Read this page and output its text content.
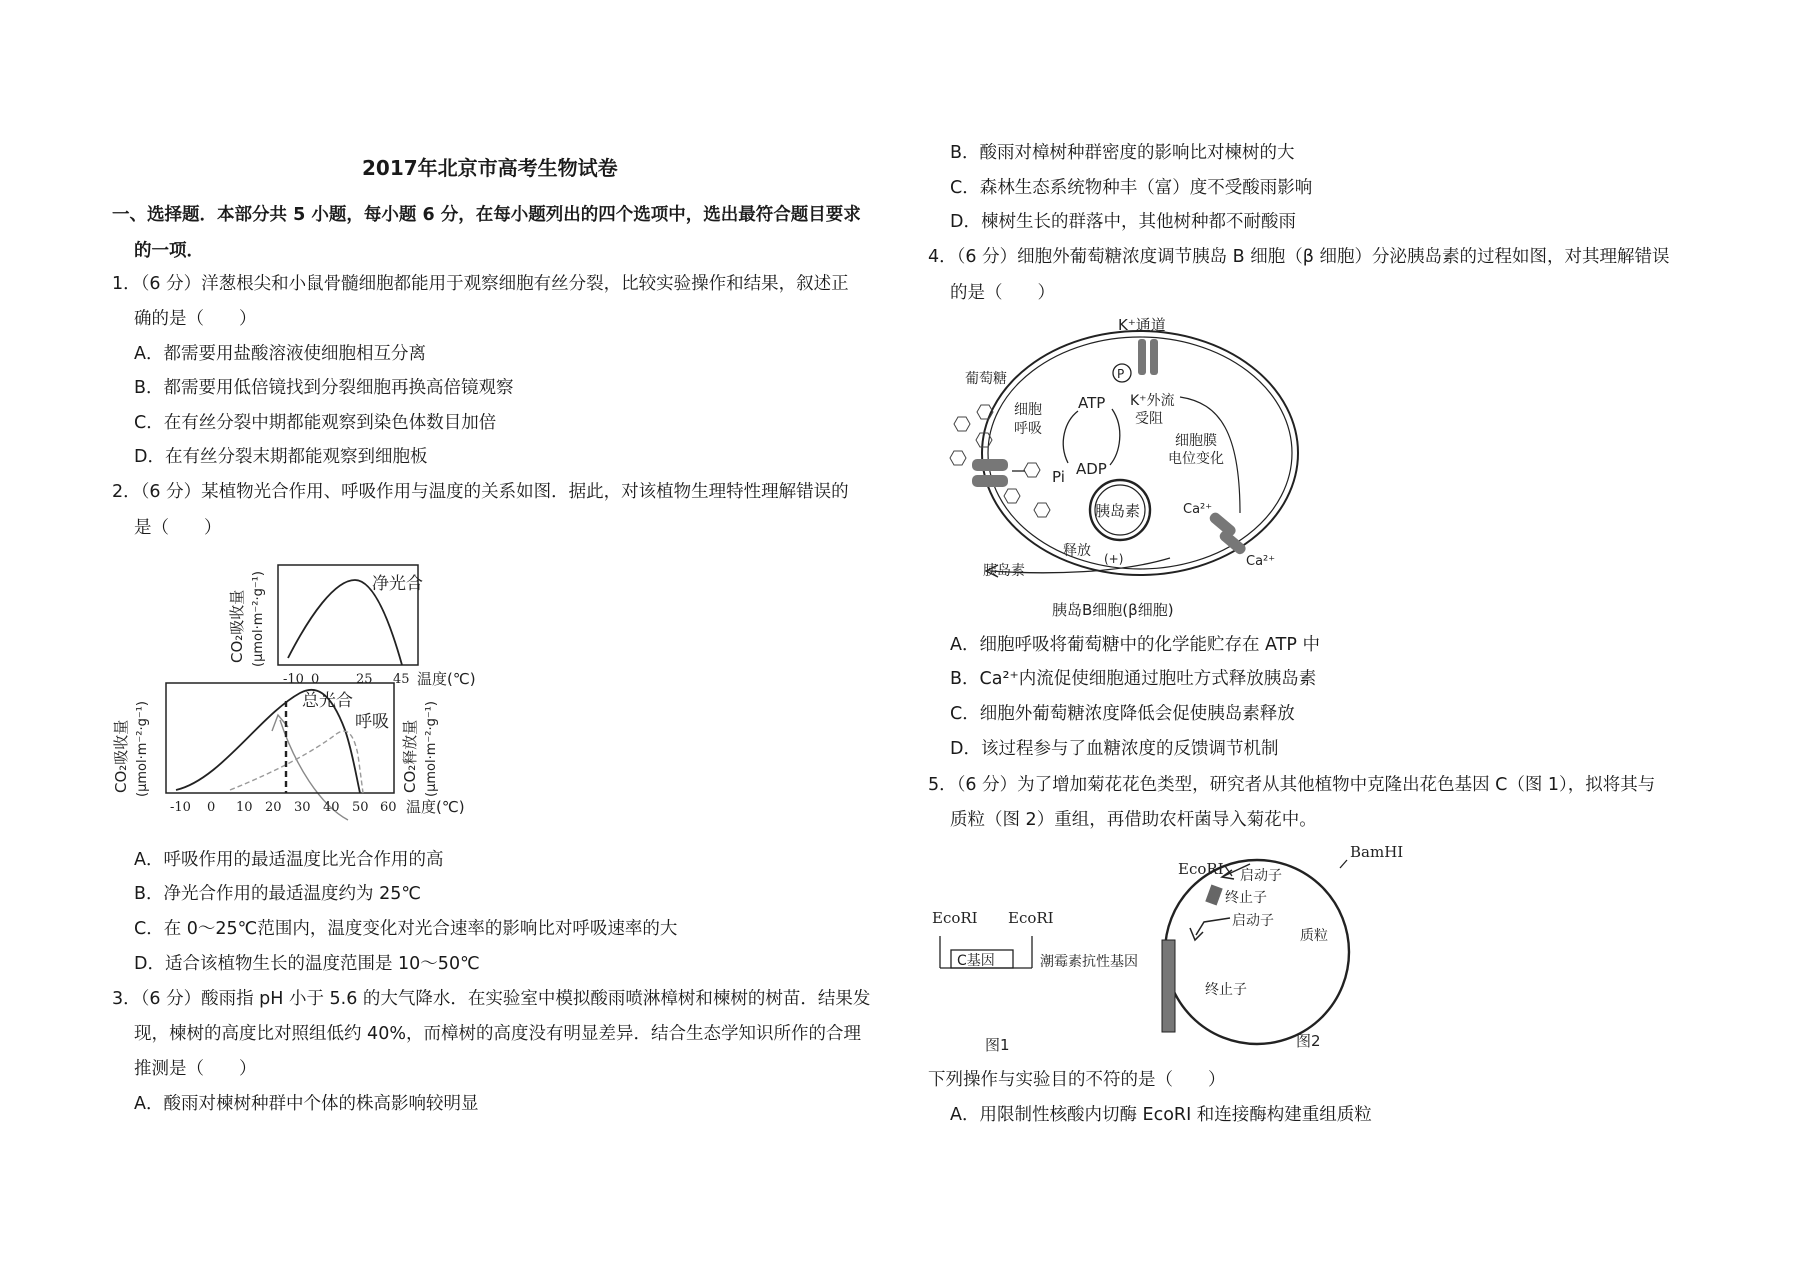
2017年北京市高考生物试卷
一、选择题．本部分共 5 小题，每小题 6 分，在每小题列出的四个选项中，选出最符合题目要求
的一项．
1．（6 分）洋葱根尖和小鼠骨髓细胞都能用于观察细胞有丝分裂，比较实验操作和结果，叙述正
确的是（　　）
A．都需要用盐酸溶液使细胞相互分离
B．都需要用低倍镜找到分裂细胞再换高倍镜观察
C．在有丝分裂中期都能观察到染色体数目加倍
D．在有丝分裂末期都能观察到细胞板
2．（6 分）某植物光合作用、呼吸作用与温度的关系如图．据此，对该植物生理特性理解错误的
是（　　）
净光合
CO₂吸收量 (μmol·m⁻²·g⁻¹)
-10 0	25 45 温度(℃)
总光合
呼吸
CO₂吸收量 (μmol·m⁻²·g⁻¹)	CO₂释放量 (μmol·m⁻²·g⁻¹)
-10 0 10 20 30 40 50 60 温度(℃)
A．呼吸作用的最适温度比光合作用的高
B．净光合作用的最适温度约为 25℃
C．在 0～25℃范围内，温度变化对光合速率的影响比对呼吸速率的大
D．适合该植物生长的温度范围是 10～50℃
3．（6 分）酸雨指 pH 小于 5.6 的大气降水．在实验室中模拟酸雨喷淋樟树和楝树的树苗．结果发
现，楝树的高度比对照组低约 40%，而樟树的高度没有明显差异．结合生态学知识所作的合理
推测是（　　）
A．酸雨对楝树种群中个体的株高影响较明显
B．酸雨对樟树种群密度的影响比对楝树的大
C．森林生态系统物种丰（富）度不受酸雨影响
D．楝树生长的群落中，其他树种都不耐酸雨
4．（6 分）细胞外葡萄糖浓度调节胰岛 B 细胞（β 细胞）分泌胰岛素的过程如图，对其理解错误
的是（　　）
K⁺通道
P
K⁺外流
受阻
葡萄糖
细胞
呼吸
ATP
ADP
Pi
细胞膜
电位变化
胰岛素	Ca²⁺
Ca²⁺
释放 (+)
胰岛素
胰岛B细胞(β细胞)
A．细胞呼吸将葡萄糖中的化学能贮存在 ATP 中
B．Ca²⁺内流促使细胞通过胞吐方式释放胰岛素
C．细胞外葡萄糖浓度降低会促使胰岛素释放
D．该过程参与了血糖浓度的反馈调节机制
5．（6 分）为了增加菊花花色类型，研究者从其他植物中克隆出花色基因 C（图 1），拟将其与
质粒（图 2）重组，再借助农杆菌导入菊花中。
EcoRⅠ EcoRⅠ
C基因
图1
EcoRⅠ
BamHⅠ
启动子
终止子
启动子
质粒
潮霉素抗性基因
终止子
图2
下列操作与实验目的不符的是（　　）
A．用限制性核酸内切酶 EcoRⅠ 和连接酶构建重组质粒
